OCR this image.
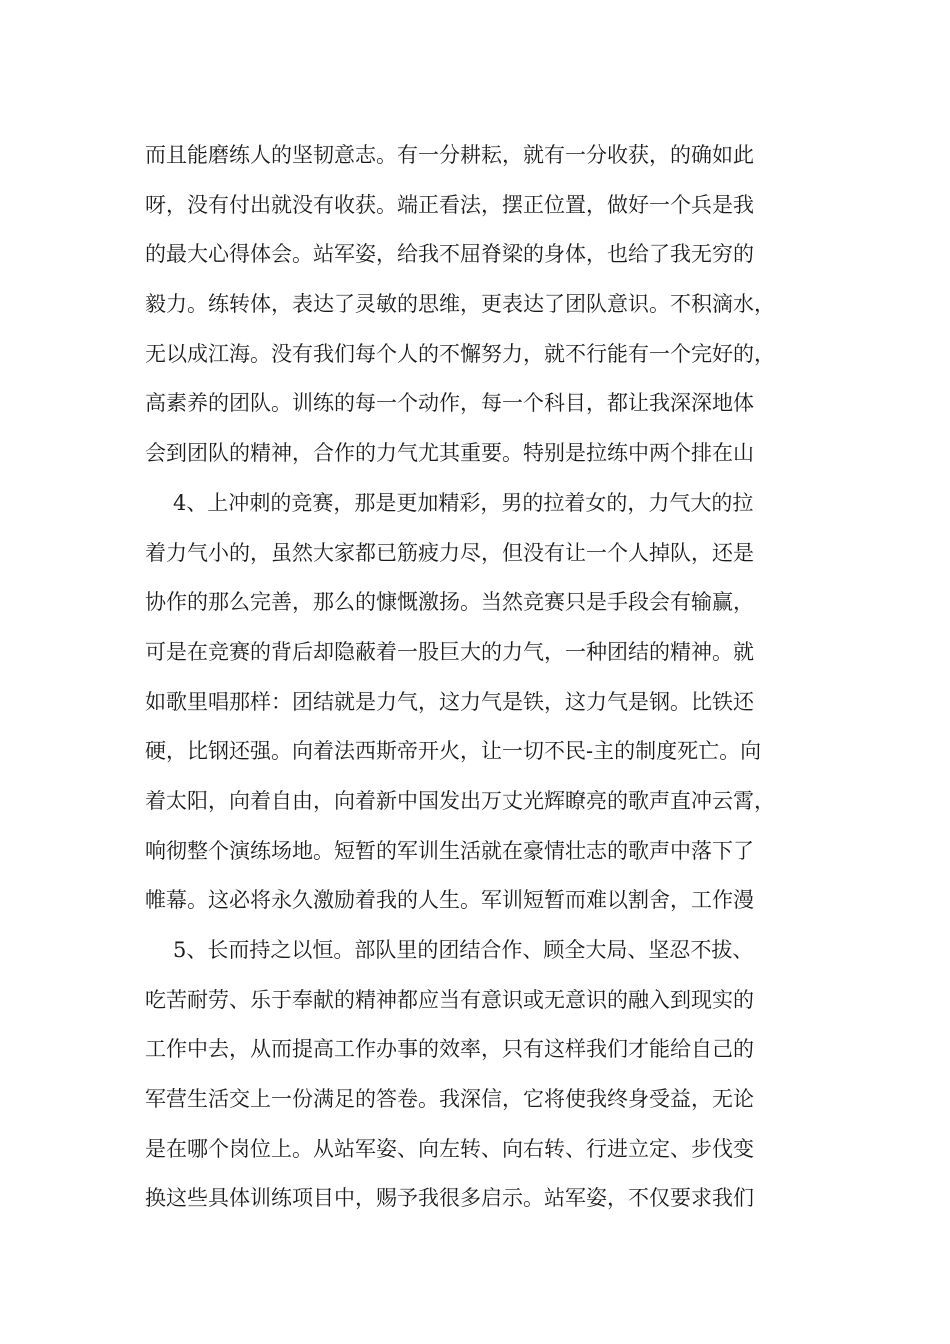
而且能磨练人的坚韧意志。有一分耕耘，就有一分收获，的确如此
呀，没有付出就没有收获。端正看法，摆正位置，做好一个兵是我
的最大心得体会。站军姿，给我不屈脊梁的身体，也给了我无穷的
毅力。练转体，表达了灵敏的思维，更表达了团队意识。不积滴水，
无以成江海。没有我们每个人的不懈努力，就不行能有一个完好的，
高素养的团队。训练的每一个动作，每一个科目，都让我深深地体
会到团队的精神，合作的力气尤其重要。特别是拉练中两个排在山
4、上冲刺的竞赛，那是更加精彩，男的拉着女的，力气大的拉
着力气小的，虽然大家都已筋疲力尽，但没有让一个人掉队，还是
协作的那么完善，那么的慷慨激扬。当然竞赛只是手段会有输赢，
可是在竞赛的背后却隐蔽着一股巨大的力气，一种团结的精神。就
如歌里唱那样：团结就是力气，这力气是铁，这力气是钢。比铁还
硬，比钢还强。向着法西斯帝开火，让一切不民-主的制度死亡。向
着太阳，向着自由，向着新中国发出万丈光辉瞭亮的歌声直冲云霄，
响彻整个演练场地。短暂的军训生活就在豪情壮志的歌声中落下了
帷幕。这必将永久激励着我的人生。军训短暂而难以割舍，工作漫
5、长而持之以恒。部队里的团结合作、顾全大局、坚忍不拔、
吃苦耐劳、乐于奉献的精神都应当有意识或无意识的融入到现实的
工作中去，从而提高工作办事的效率，只有这样我们才能给自己的
军营生活交上一份满足的答卷。我深信，它将使我终身受益，无论
是在哪个岗位上。从站军姿、向左转、向右转、行进立定、步伐变
换这些具体训练项目中，赐予我很多启示。站军姿，不仅要求我们
